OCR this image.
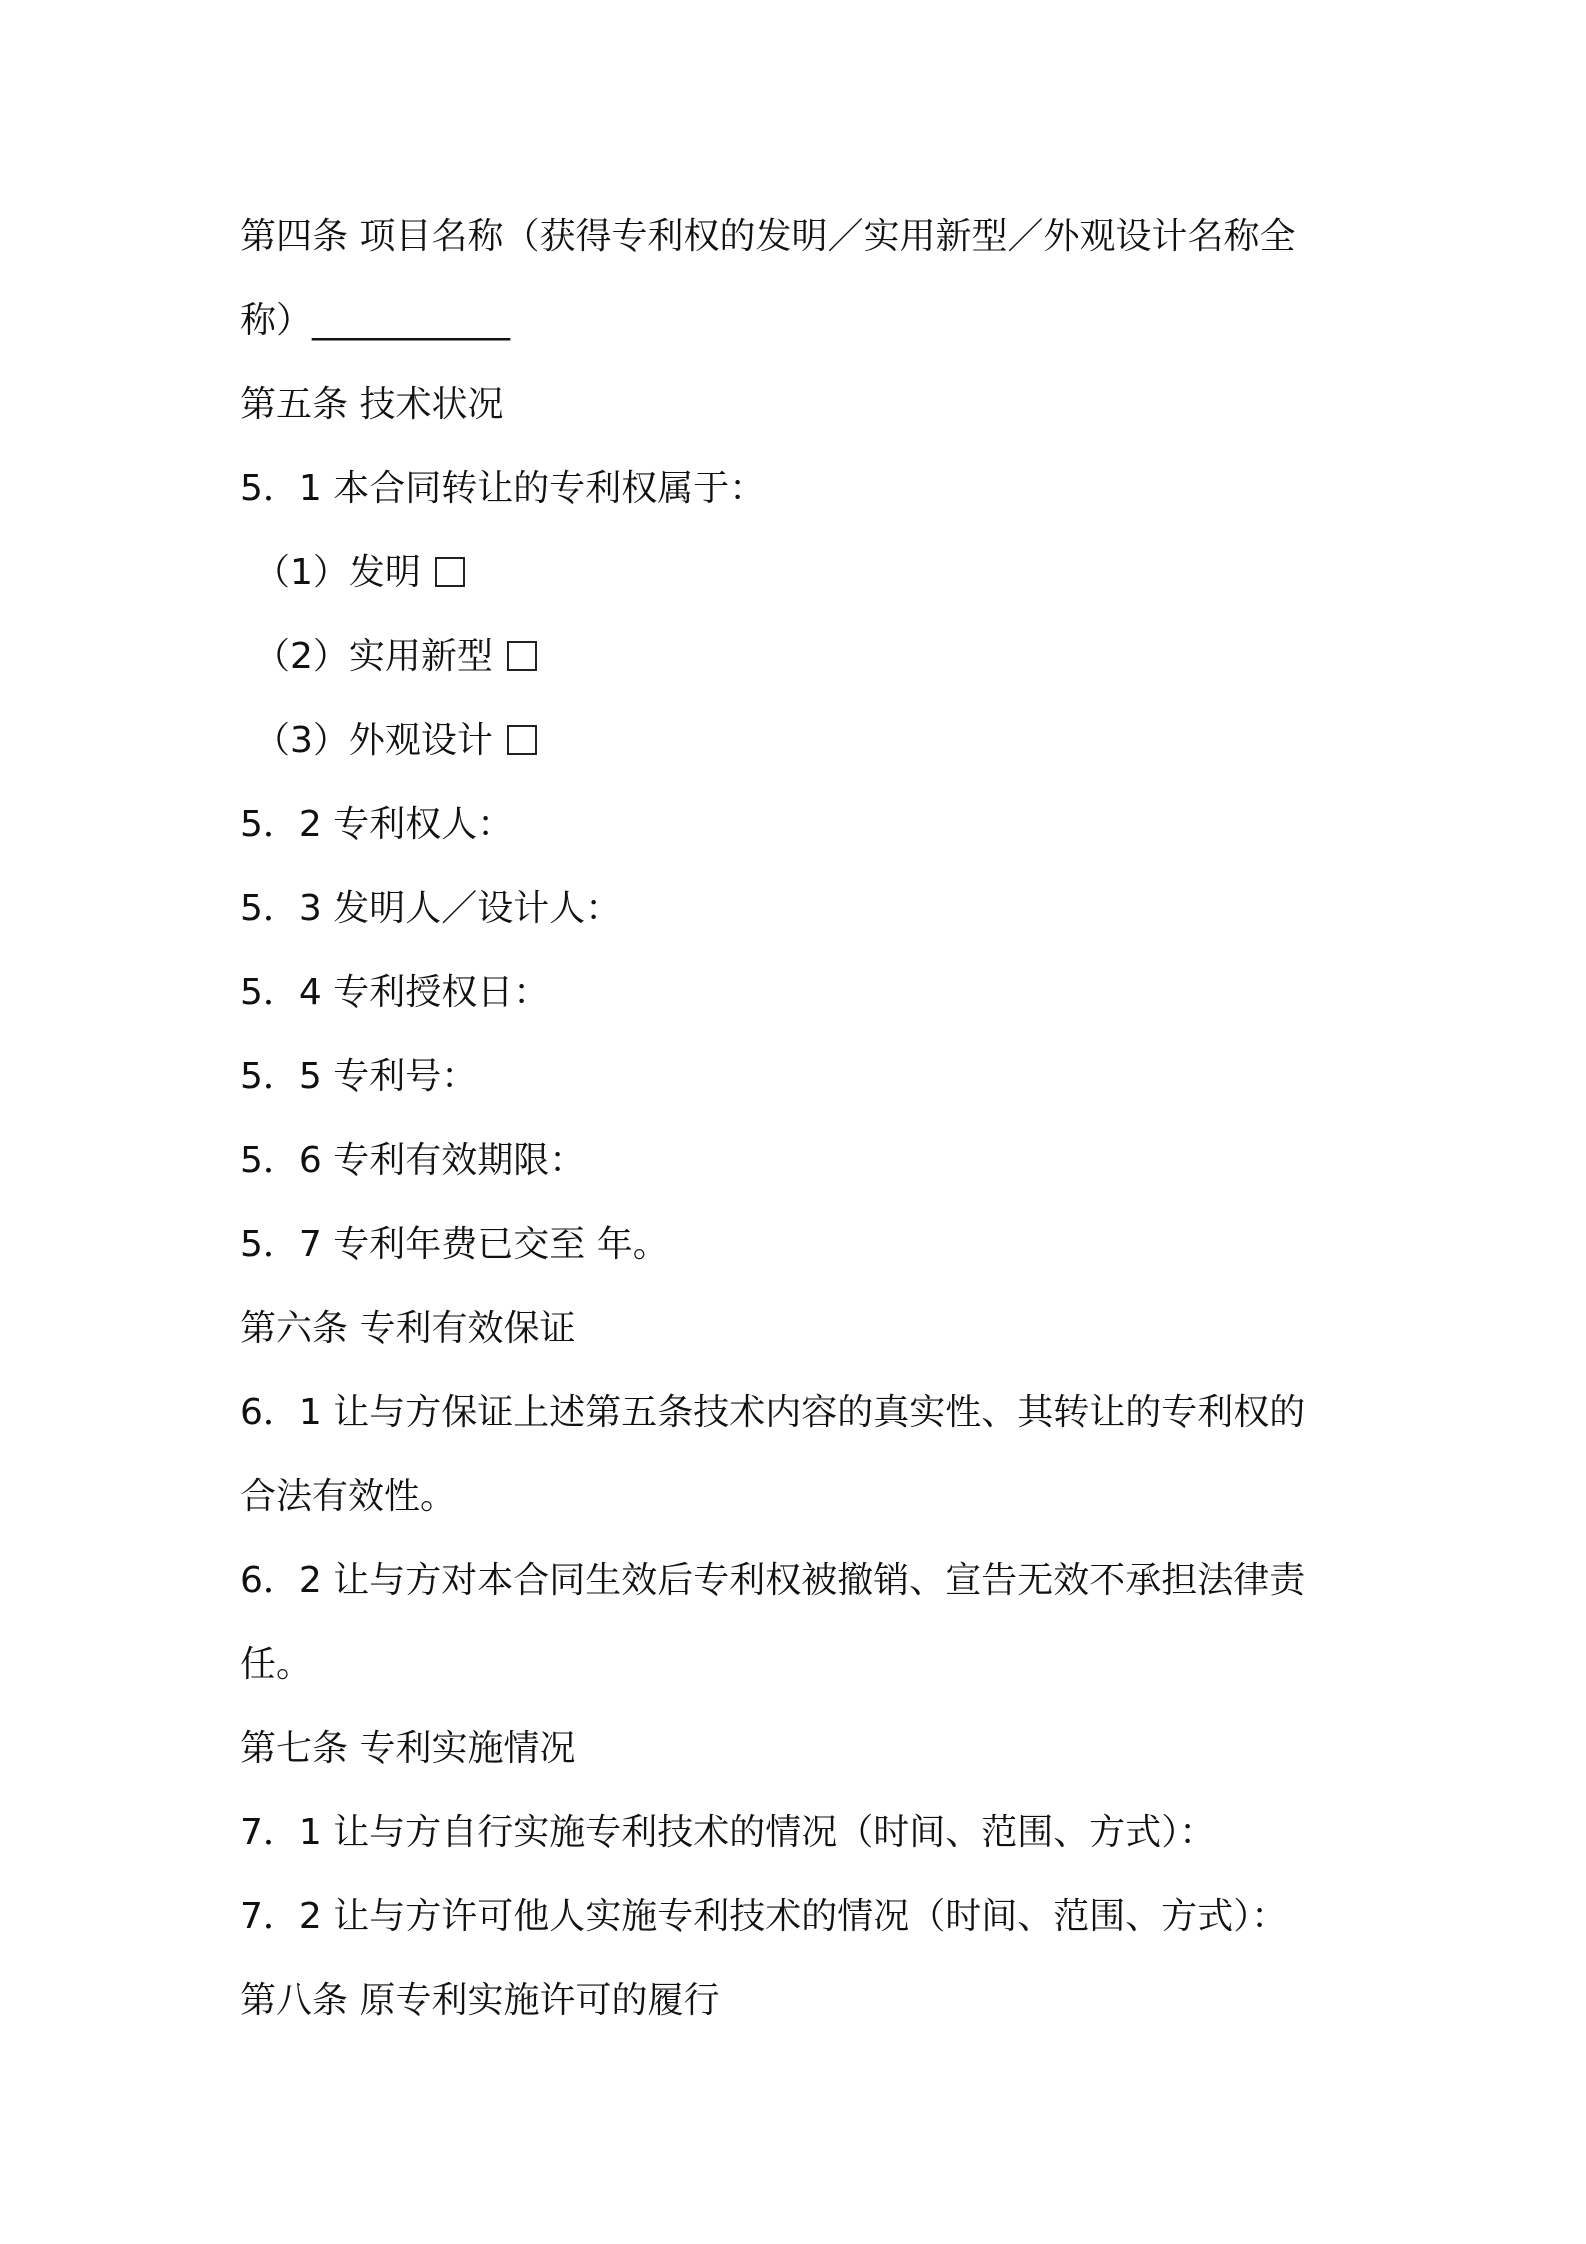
第四条 项目名称（获得专利权的发明／实用新型／外观设计名称全
称）___________
第五条 技术状况
5．1 本合同转让的专利权属于：
（1）发明
（2）实用新型
（3）外观设计
5．2 专利权人：
5．3 发明人／设计人：
5．4 专利授权日：
5．5 专利号：
5．6 专利有效期限：
5．7 专利年费已交至 年。
第六条 专利有效保证
6．1 让与方保证上述第五条技术内容的真实性、其转让的专利权的
合法有效性。
6．2 让与方对本合同生效后专利权被撤销、宣告无效不承担法律责
任。
第七条 专利实施情况
7．1 让与方自行实施专利技术的情况（时间、范围、方式）：
7．2 让与方许可他人实施专利技术的情况（时间、范围、方式）：
第八条 原专利实施许可的履行
